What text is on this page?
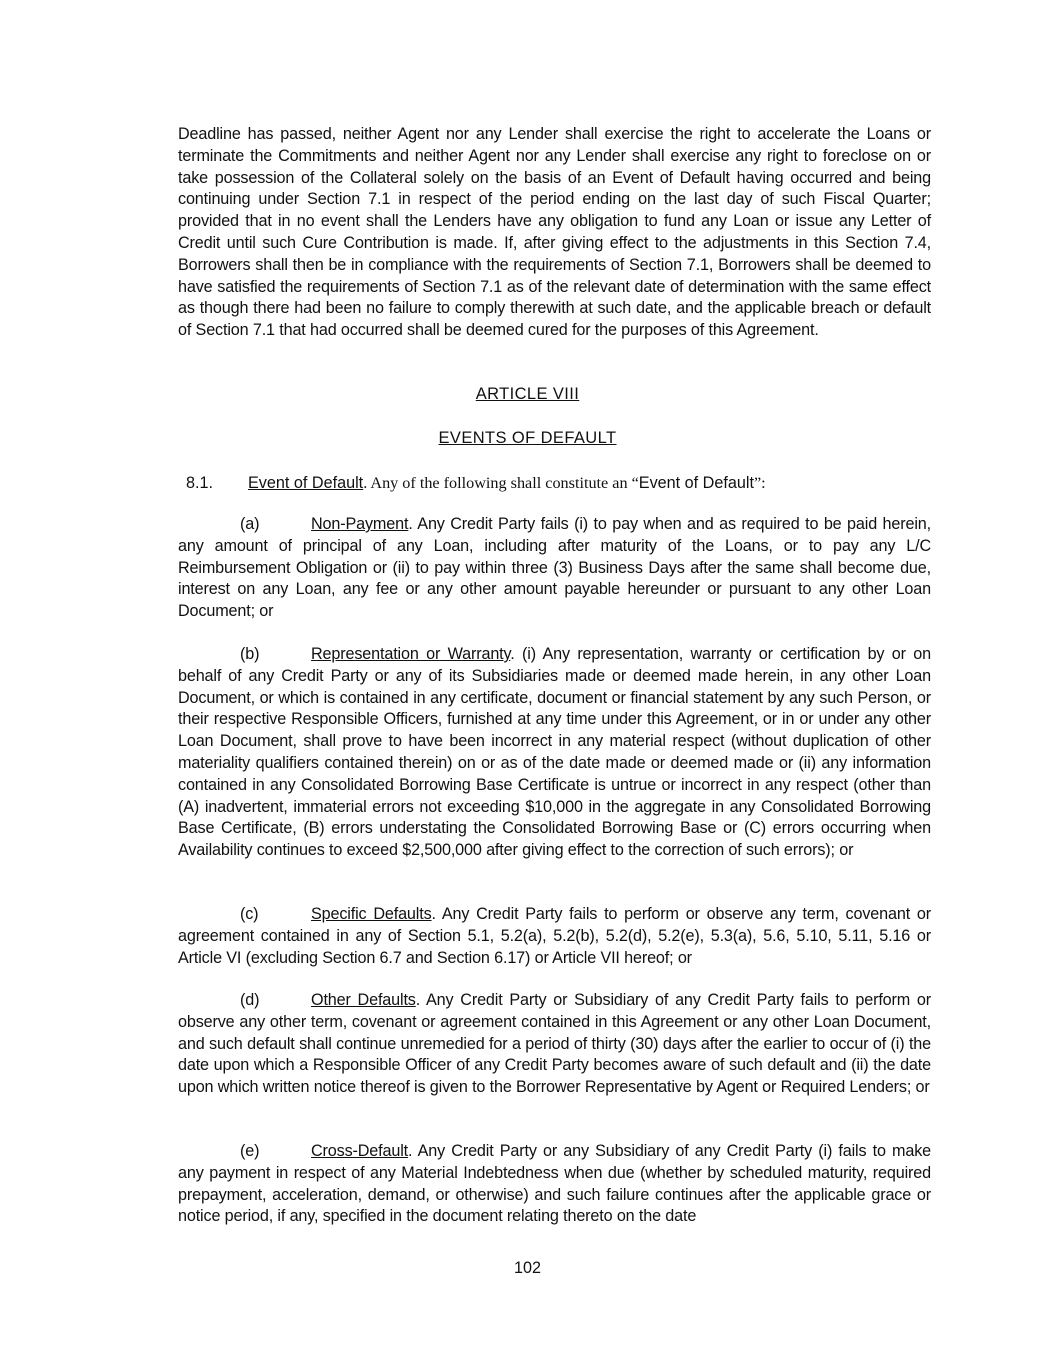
Deadline has passed, neither Agent nor any Lender shall exercise the right to accelerate the Loans or terminate the Commitments and neither Agent nor any Lender shall exercise any right to foreclose on or take possession of the Collateral solely on the basis of an Event of Default having occurred and being continuing under Section 7.1 in respect of the period ending on the last day of such Fiscal Quarter; provided that in no event shall the Lenders have any obligation to fund any Loan or issue any Letter of Credit until such Cure Contribution is made. If, after giving effect to the adjustments in this Section 7.4, Borrowers shall then be in compliance with the requirements of Section 7.1, Borrowers shall be deemed to have satisfied the requirements of Section 7.1 as of the relevant date of determination with the same effect as though there had been no failure to comply therewith at such date, and the applicable breach or default of Section 7.1 that had occurred shall be deemed cured for the purposes of this Agreement.

ARTICLE VIII
EVENTS OF DEFAULT
8.1. Event of Default. Any of the following shall constitute an “Event of Default”:

(a)	Non-Payment. Any Credit Party fails (i) to pay when and as required to be paid herein, any amount of principal of any Loan, including after maturity of the Loans, or to pay any L/C Reimbursement Obligation or (ii) to pay within three (3) Business Days after the same shall become due, interest on any Loan, any fee or any other amount payable hereunder or pursuant to any other Loan Document; or

(b)	Representation or Warranty. (i) Any representation, warranty or certification by or on behalf of any Credit Party or any of its Subsidiaries made or deemed made herein, in any other Loan Document, or which is contained in any certificate, document or financial statement by any such Person, or their respective Responsible Officers, furnished at any time under this Agreement, or in or under any other Loan Document, shall prove to have been incorrect in any material respect (without duplication of other materiality qualifiers contained therein) on or as of the date made or deemed made or (ii) any information contained in any Consolidated Borrowing Base Certificate is untrue or incorrect in any respect (other than (A) inadvertent, immaterial errors not exceeding $10,000 in the aggregate in any Consolidated Borrowing Base Certificate, (B) errors understating the Consolidated Borrowing Base or (C) errors occurring when Availability continues to exceed $2,500,000 after giving effect to the correction of such errors); or

(c)	Specific Defaults. Any Credit Party fails to perform or observe any term, covenant or agreement contained in any of Section 5.1, 5.2(a), 5.2(b), 5.2(d), 5.2(e), 5.3(a), 5.6, 5.10, 5.11, 5.16 or Article VI (excluding Section 6.7 and Section 6.17) or Article VII hereof; or

(d)	Other Defaults. Any Credit Party or Subsidiary of any Credit Party fails to perform or observe any other term, covenant or agreement contained in this Agreement or any other Loan Document, and such default shall continue unremedied for a period of thirty (30) days after the earlier to occur of (i) the date upon which a Responsible Officer of any Credit Party becomes aware of such default and (ii) the date upon which written notice thereof is given to the Borrower Representative by Agent or Required Lenders; or

(e)	Cross-Default. Any Credit Party or any Subsidiary of any Credit Party (i) fails to make any payment in respect of any Material Indebtedness when due (whether by scheduled maturity, required prepayment, acceleration, demand, or otherwise) and such failure continues after the applicable grace or notice period, if any, specified in the document relating thereto on the date

102
